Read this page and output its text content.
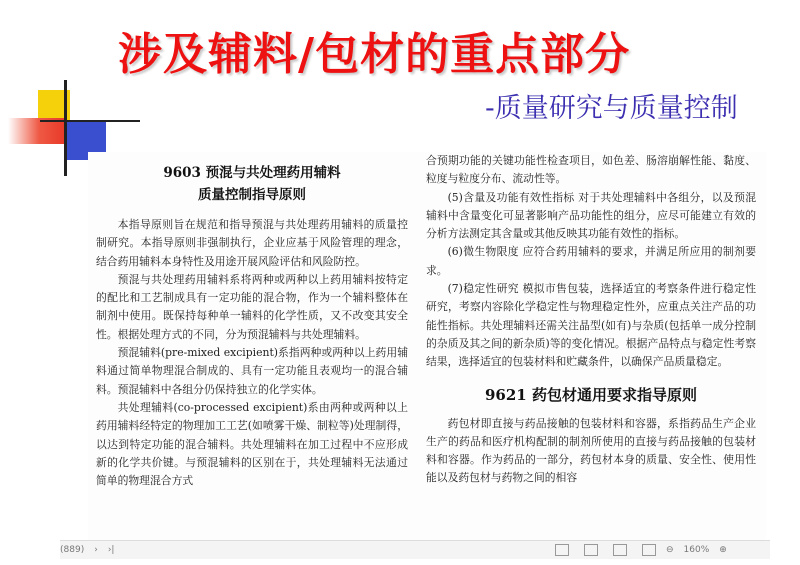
涉及辅料/包材的重点部分
-质量研究与质量控制
9603 预混与共处理药用辅料
质量控制指导原则

本指导原则旨在规范和指导预混与共处理药用辅料的质量控制研究。本指导原则非强制执行，企业应基于风险管理的理念，结合药用辅料本身特性及用途开展风险评估和风险防控。

预混与共处理药用辅料系将两种或两种以上药用辅料按特定的配比和工艺制成具有一定功能的混合物，作为一个辅料整体在制剂中使用。既保持每种单一辅料的化学性质，又不改变其安全性。根据处理方式的不同，分为预混辅料与共处理辅料。

预混辅料(pre-mixed excipient)系指两种或两种以上药用辅料通过简单物理混合制成的、具有一定功能且表观均一的混合辅料。预混辅料中各组分仍保持独立的化学实体。

共处理辅料(co-processed excipient)系由两种或两种以上药用辅料经特定的物理加工工艺(如喷雾干燥、制粒等)处理制得，以达到特定功能的混合辅料。共处理辅料在加工过程中不应形成新的化学共价键。与预混辅料的区别在于，共处理辅料无法通过简单的物理混合方式

合预期功能的关键功能性检查项目，如色差、肠溶崩解性能、黏度、粒度与粒度分布、流动性等。

(5)含量及功能有效性指标 对于共处理辅料中各组分，以及预混辅料中含量变化可显著影响产品功能性的组分，应尽可能建立有效的分析方法测定其含量或其他反映其功能有效性的指标。

(6)微生物限度 应符合药用辅料的要求，并满足所应用的制剂要求。

(7)稳定性研究 模拟市售包装，选择适宜的考察条件进行稳定性研究，考察内容除化学稳定性与物理稳定性外，应重点关注产品的功能性指标。共处理辅料还需关注晶型(如有)与杂质(包括单一成分控制的杂质及其之间的新杂质)等的变化情况。根据产品特点与稳定性考察结果，选择适宜的包装材料和贮藏条件，以确保产品质量稳定。

9621 药包材通用要求指导原则

药包材即直接与药品接触的包装材料和容器，系指药品生产企业生产的药品和医疗机构配制的制剂所使用的直接与药品接触的包装材料和容器。作为药品的一部分，药包材本身的质量、安全性、使用性能以及药包材与药物之间的相容

(889) › ›|	⊖ 160% ⊕
